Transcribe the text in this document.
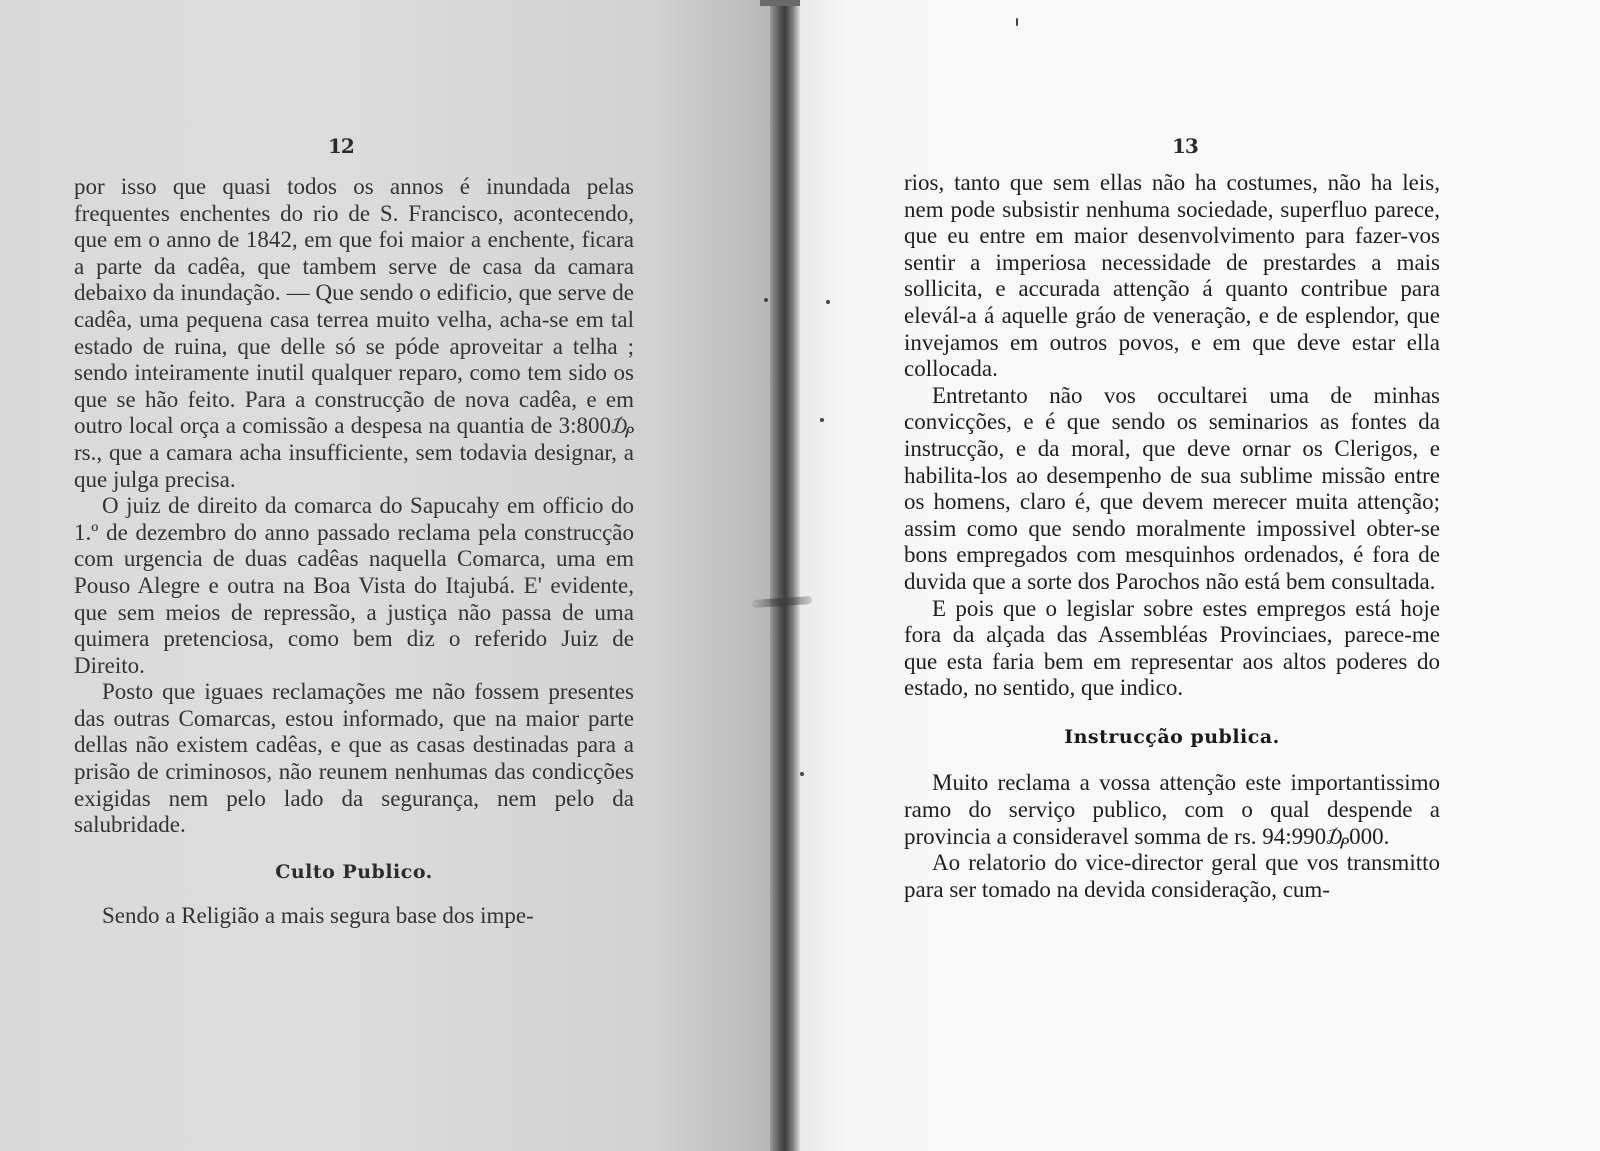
12

por isso que quasi todos os annos é inundada pelas frequentes enchentes do rio de S. Francisco, acontecendo, que em o anno de 1842, em que foi maior a enchente, ficara a parte da cadêa, que tambem serve de casa da camara debaixo da inundação. — Que sendo o edificio, que serve de cadêa, uma pequena casa terrea muito velha, acha-se em tal estado de ruina, que delle só se póde aproveitar a telha ; sendo inteiramente inutil qualquer reparo, como tem sido os que se hão feito. Para a construcção de nova cadêa, e em outro local orça a comissão a despesa na quantia de 3:800₯ rs., que a camara acha insufficiente, sem todavia designar, a que julga precisa.

O juiz de direito da comarca do Sapucahy em officio do 1.º de dezembro do anno passado reclama pela construcção com urgencia de duas cadêas naquella Comarca, uma em Pouso Alegre e outra na Boa Vista do Itajubá. E' evidente, que sem meios de repressão, a justiça não passa de uma quimera pretenciosa, como bem diz o referido Juiz de Direito.

Posto que iguaes reclamações me não fossem presentes das outras Comarcas, estou informado, que na maior parte dellas não existem cadêas, e que as casas destinadas para a prisão de criminosos, não reunem nenhumas das condicções exigidas nem pelo lado da segurança, nem pelo da salubridade.

Culto Publico.

Sendo a Religião a mais segura base dos impe-

13

rios, tanto que sem ellas não ha costumes, não ha leis, nem pode subsistir nenhuma sociedade, superfluo parece, que eu entre em maior desenvolvimento para fazer-vos sentir a imperiosa necessidade de prestardes a mais sollicita, e accurada attenção á quanto contribue para elevál-a á aquelle gráo de veneração, e de esplendor, que invejamos em outros povos, e em que deve estar ella collocada.

Entretanto não vos occultarei uma de minhas convicções, e é que sendo os seminarios as fontes da instrucção, e da moral, que deve ornar os Clerigos, e habilita-los ao desempenho de sua sublime missão entre os homens, claro é, que devem merecer muita attenção; assim como que sendo moralmente impossivel obter-se bons empregados com mesquinhos ordenados, é fora de duvida que a sorte dos Parochos não está bem consultada.

E pois que o legislar sobre estes empregos está hoje fora da alçada das Assembléas Provinciaes, parece-me que esta faria bem em representar aos altos poderes do estado, no sentido, que indico.

Instrucção publica.

Muito reclama a vossa attenção este importantissimo ramo do serviço publico, com o qual despende a provincia a consideravel somma de rs. 94:990₯000.

Ao relatorio do vice-director geral que vos transmitto para ser tomado na devida consideração, cum-
